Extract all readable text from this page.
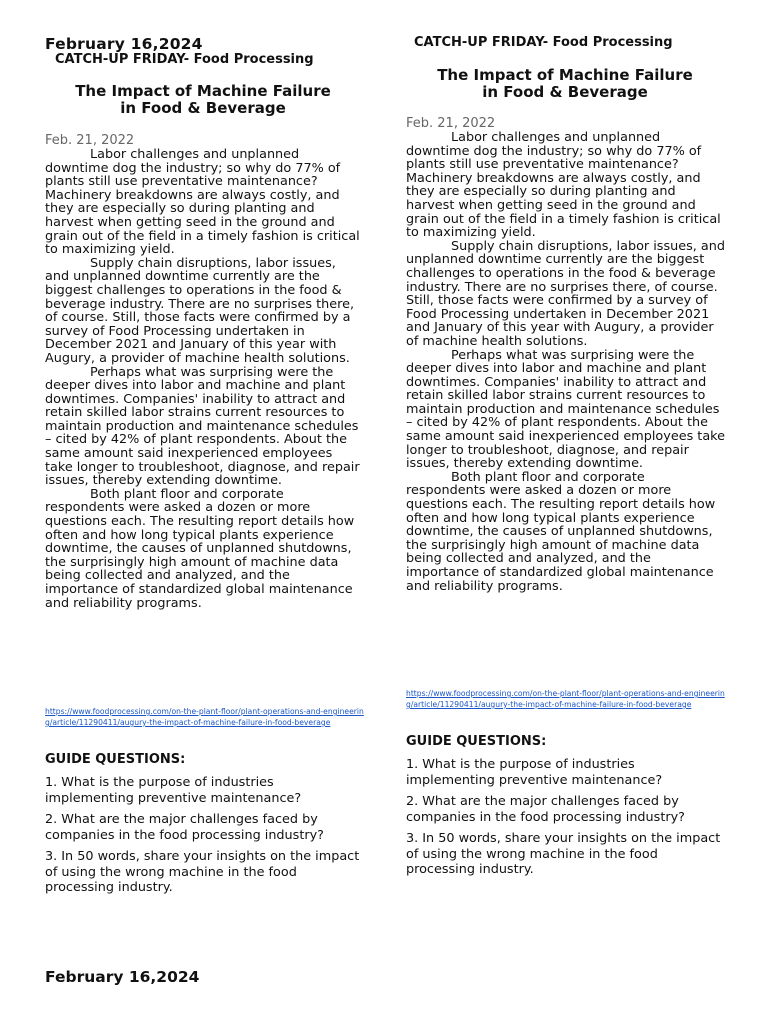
February 16,2024
CATCH-UP FRIDAY- Food Processing
The Impact of Machine Failure
in Food & Beverage
Feb. 21, 2022

Labor challenges and unplanned downtime dog the industry; so why do 77% of plants still use preventative maintenance? Machinery breakdowns are always costly, and they are especially so during planting and harvest when getting seed in the ground and grain out of the field in a timely fashion is critical to maximizing yield.

Supply chain disruptions, labor issues, and unplanned downtime currently are the biggest challenges to operations in the food & beverage industry. There are no surprises there, of course. Still, those facts were confirmed by a survey of Food Processing undertaken in December 2021 and January of this year with Augury, a provider of machine health solutions.

Perhaps what was surprising were the deeper dives into labor and machine and plant downtimes. Companies' inability to attract and retain skilled labor strains current resources to maintain production and maintenance schedules – cited by 42% of plant respondents. About the same amount said inexperienced employees take longer to troubleshoot, diagnose, and repair issues, thereby extending downtime.

Both plant floor and corporate respondents were asked a dozen or more questions each. The resulting report details how often and how long typical plants experience downtime, the causes of unplanned shutdowns, the surprisingly high amount of machine data being collected and analyzed, and the importance of standardized global maintenance and reliability programs.

https://www.foodprocessing.com/on-the-plant-floor/plant-operations-and-engineering/article/11290411/augury-the-impact-of-machine-failure-in-food-beverage
GUIDE QUESTIONS:

1. What is the purpose of industries implementing preventive maintenance?

2. What are the major challenges faced by companies in the food processing industry?

3. In 50 words, share your insights on the impact of using the wrong machine in the food processing industry.

CATCH-UP FRIDAY- Food Processing
The Impact of Machine Failure
in Food & Beverage
Feb. 21, 2022

Labor challenges and unplanned downtime dog the industry; so why do 77% of plants still use preventative maintenance? Machinery breakdowns are always costly, and they are especially so during planting and harvest when getting seed in the ground and grain out of the field in a timely fashion is critical to maximizing yield.

Supply chain disruptions, labor issues, and unplanned downtime currently are the biggest challenges to operations in the food & beverage industry. There are no surprises there, of course. Still, those facts were confirmed by a survey of Food Processing undertaken in December 2021 and January of this year with Augury, a provider of machine health solutions.

Perhaps what was surprising were the deeper dives into labor and machine and plant downtimes. Companies' inability to attract and retain skilled labor strains current resources to maintain production and maintenance schedules – cited by 42% of plant respondents. About the same amount said inexperienced employees take longer to troubleshoot, diagnose, and repair issues, thereby extending downtime.

Both plant floor and corporate respondents were asked a dozen or more questions each. The resulting report details how often and how long typical plants experience downtime, the causes of unplanned shutdowns, the surprisingly high amount of machine data being collected and analyzed, and the importance of standardized global maintenance and reliability programs.

https://www.foodprocessing.com/on-the-plant-floor/plant-operations-and-engineering/article/11290411/augury-the-impact-of-machine-failure-in-food-beverage
GUIDE QUESTIONS:

1. What is the purpose of industries implementing preventive maintenance?

2. What are the major challenges faced by companies in the food processing industry?

3. In 50 words, share your insights on the impact of using the wrong machine in the food processing industry.

February 16,2024
